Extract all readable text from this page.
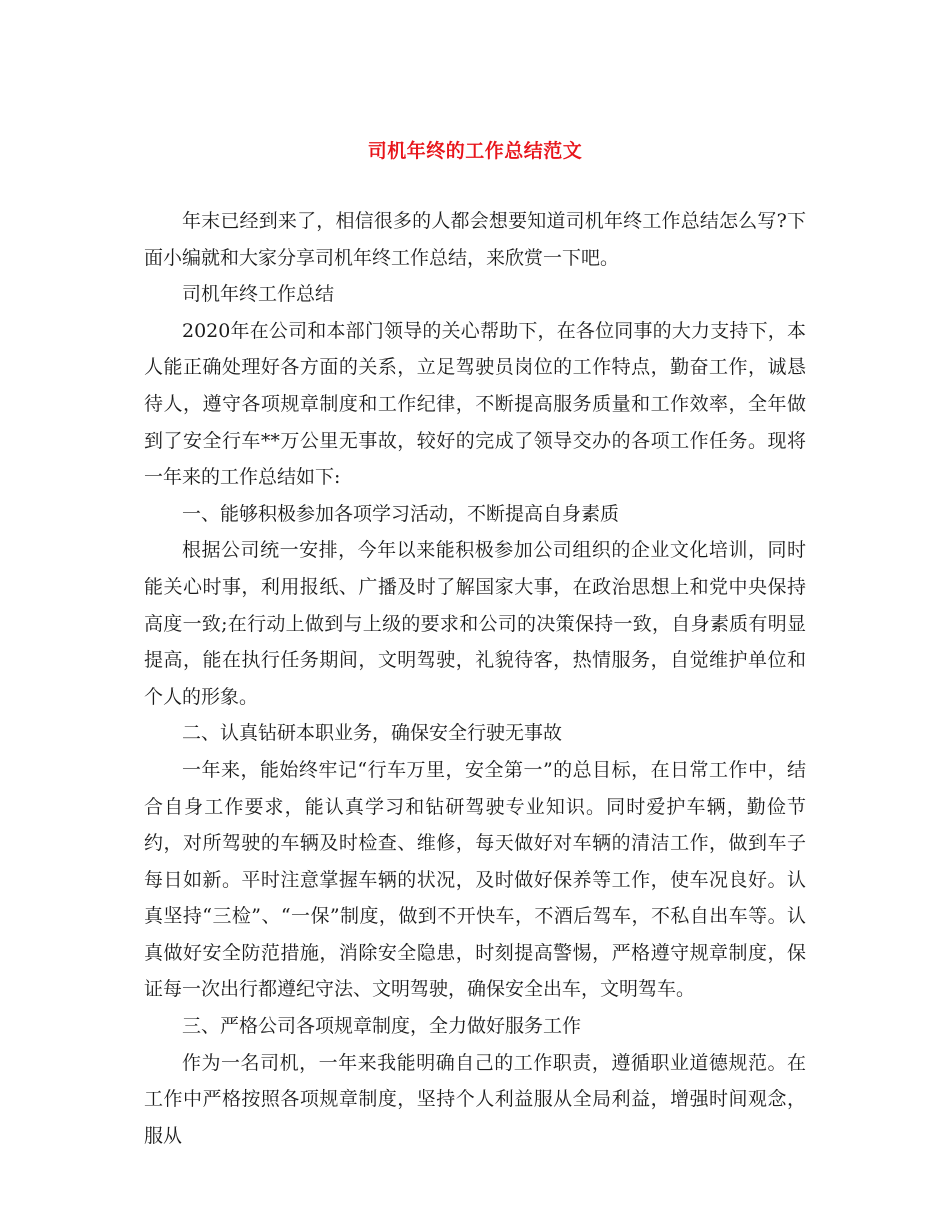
司机年终的工作总结范文

年末已经到来了，相信很多的人都会想要知道司机年终工作总结怎么写?下面小编就和大家分享司机年终工作总结，来欣赏一下吧。

司机年终工作总结

2020年在公司和本部门领导的关心帮助下，在各位同事的大力支持下，本人能正确处理好各方面的关系，立足驾驶员岗位的工作特点，勤奋工作，诚恳待人，遵守各项规章制度和工作纪律，不断提高服务质量和工作效率，全年做到了安全行车**万公里无事故，较好的完成了领导交办的各项工作任务。现将一年来的工作总结如下:

一、能够积极参加各项学习活动，不断提高自身素质

根据公司统一安排，今年以来能积极参加公司组织的企业文化培训，同时能关心时事，利用报纸、广播及时了解国家大事，在政治思想上和党中央保持高度一致;在行动上做到与上级的要求和公司的决策保持一致，自身素质有明显提高，能在执行任务期间，文明驾驶，礼貌待客，热情服务，自觉维护单位和个人的形象。

二、认真钻研本职业务，确保安全行驶无事故

一年来，能始终牢记“行车万里，安全第一”的总目标，在日常工作中，结合自身工作要求，能认真学习和钻研驾驶专业知识。同时爱护车辆，勤俭节约，对所驾驶的车辆及时检查、维修，每天做好对车辆的清洁工作，做到车子每日如新。平时注意掌握车辆的状况，及时做好保养等工作，使车况良好。认真坚持“三检”、“一保”制度，做到不开快车，不酒后驾车，不私自出车等。认真做好安全防范措施，消除安全隐患，时刻提高警惕，严格遵守规章制度，保证每一次出行都遵纪守法、文明驾驶，确保安全出车，文明驾车。

三、严格公司各项规章制度，全力做好服务工作

作为一名司机，一年来我能明确自己的工作职责，遵循职业道德规范。在工作中严格按照各项规章制度，坚持个人利益服从全局利益，增强时间观念，服从
